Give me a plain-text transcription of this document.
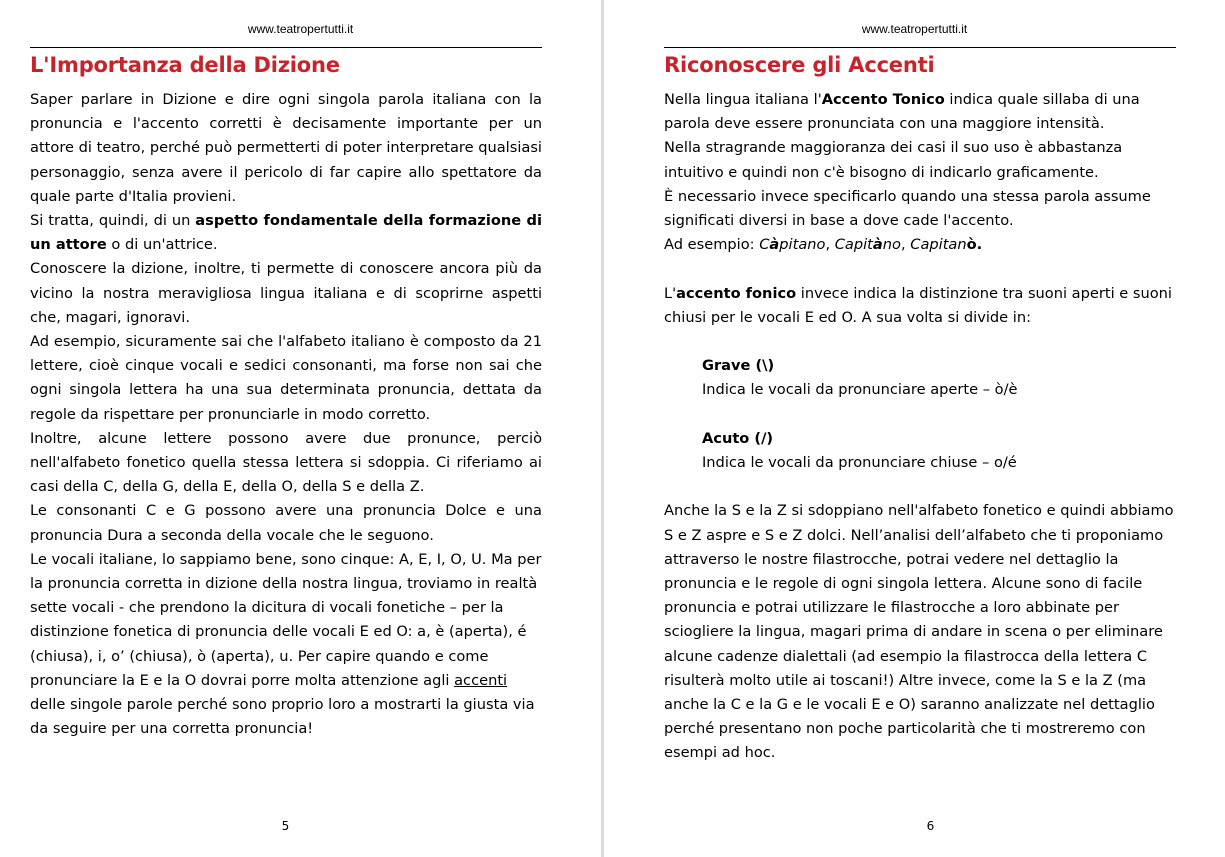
www.teatropertutti.it
L'Importanza della Dizione

Saper parlare in Dizione e dire ogni singola parola italiana con la pronuncia e l'accento corretti è decisamente importante per un attore di teatro, perché può permetterti di poter interpretare qualsiasi personaggio, senza avere il pericolo di far capire allo spettatore da quale parte d'Italia provieni.

Si tratta, quindi, di un aspetto fondamentale della formazione di un attore o di un'attrice.

Conoscere la dizione, inoltre, ti permette di conoscere ancora più da vicino la nostra meravigliosa lingua italiana e di scoprirne aspetti che, magari, ignoravi.

Ad esempio, sicuramente sai che l'alfabeto italiano è composto da 21 lettere, cioè cinque vocali e sedici consonanti, ma forse non sai che ogni singola lettera ha una sua determinata pronuncia, dettata da regole da rispettare per pronunciarle in modo corretto.

Inoltre, alcune lettere possono avere due pronunce, perciò nell'alfabeto fonetico quella stessa lettera si sdoppia. Ci riferiamo ai casi della C, della G, della E, della O, della S e della Z.

Le consonanti C e G possono avere una pronuncia Dolce e una pronuncia Dura a seconda della vocale che le seguono.

Le vocali italiane, lo sappiamo bene, sono cinque: A, E, I, O, U. Ma per la pronuncia corretta in dizione della nostra lingua, troviamo in realtà sette vocali - che prendono la dicitura di vocali fonetiche – per la distinzione fonetica di pronuncia delle vocali E ed O: a, è (aperta), é (chiusa), i, o’ (chiusa), ò (aperta), u. Per capire quando e come pronunciare la E e la O dovrai porre molta attenzione agli accenti delle singole parole perché sono proprio loro a mostrarti la giusta via da seguire per una corretta pronuncia!

5
www.teatropertutti.it
Riconoscere gli Accenti

Nella lingua italiana l'Accento Tonico indica quale sillaba di una parola deve essere pronunciata con una maggiore intensità.

Nella stragrande maggioranza dei casi il suo uso è abbastanza intuitivo e quindi non c'è bisogno di indicarlo graficamente.

È necessario invece specificarlo quando una stessa parola assume significati diversi in base a dove cade l'accento.

Ad esempio: Càpitano, Capitàno, Capitanò.

L'accento fonico invece indica la distinzione tra suoni aperti e suoni chiusi per le vocali E ed O. A sua volta si divide in:

Grave (\)

Indica le vocali da pronunciare aperte – ò/è

Acuto (/)

Indica le vocali da pronunciare chiuse – o/é

Anche la S e la Z si sdoppiano nell'alfabeto fonetico e quindi abbiamo S e Z aspre e S e Z dolci. Nell’analisi dell’alfabeto che ti proponiamo attraverso le nostre filastrocche, potrai vedere nel dettaglio la pronuncia e le regole di ogni singola lettera. Alcune sono di facile pronuncia e potrai utilizzare le filastrocche a loro abbinate per sciogliere la lingua, magari prima di andare in scena o per eliminare alcune cadenze dialettali (ad esempio la filastrocca della lettera C risulterà molto utile ai toscani!) Altre invece, come la S e la Z (ma anche la C e la G e le vocali E e O) saranno analizzate nel dettaglio perché presentano non poche particolarità che ti mostreremo con esempi ad hoc.

6
